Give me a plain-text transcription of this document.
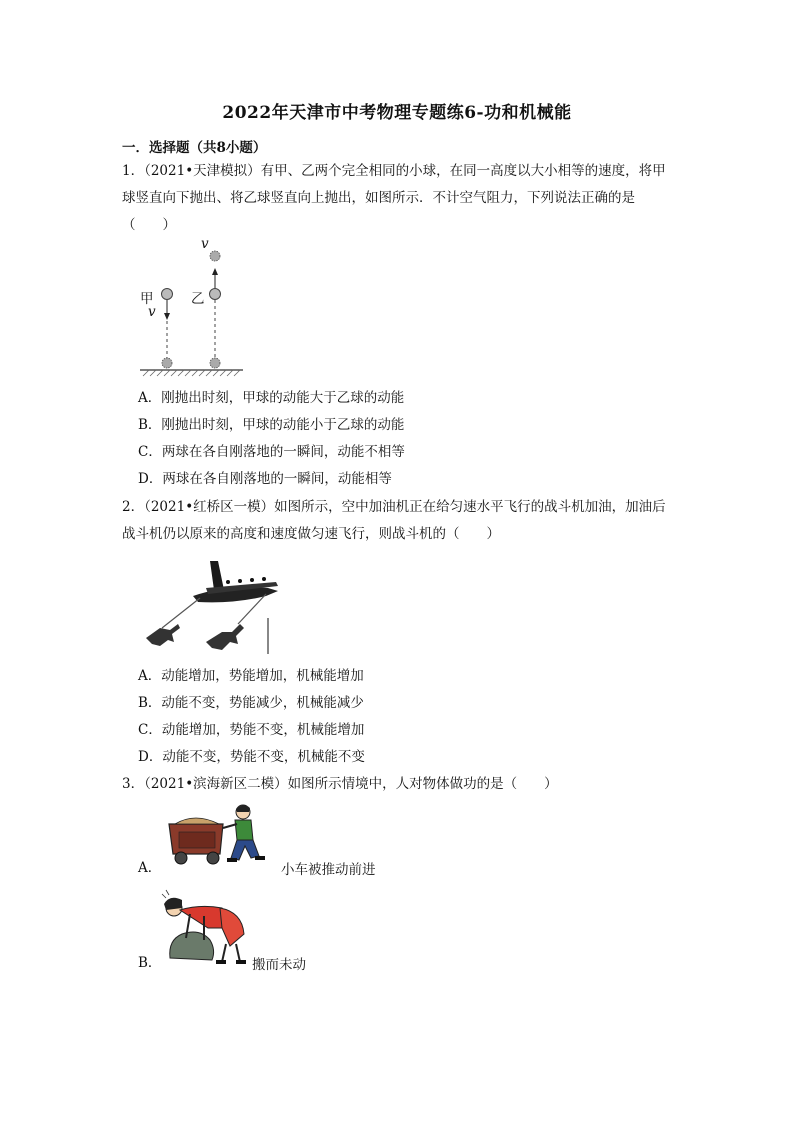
2022年天津市中考物理专题练6-功和机械能
一．选择题（共8小题）
1．（2021•天津模拟）有甲、乙两个完全相同的小球，在同一高度以大小相等的速度，将甲
球竖直向下抛出、将乙球竖直向上抛出，如图所示．不计空气阻力，下列说法正确的是
（　　）
甲	乙
v
v
A．刚抛出时刻，甲球的动能大于乙球的动能
B．刚抛出时刻，甲球的动能小于乙球的动能
C．两球在各自刚落地的一瞬间，动能不相等
D．两球在各自刚落地的一瞬间，动能相等
2．（2021•红桥区一模）如图所示，空中加油机正在给匀速水平飞行的战斗机加油，加油后
战斗机仍以原来的高度和速度做匀速飞行，则战斗机的（　　）
A．动能增加，势能增加，机械能增加
B．动能不变，势能减少，机械能减少
C．动能增加，势能不变，机械能增加
D．动能不变，势能不变，机械能不变
3．（2021•滨海新区二模）如图所示情境中，人对物体做功的是（　　）
A．	小车被推动前进
B．	搬而未动
